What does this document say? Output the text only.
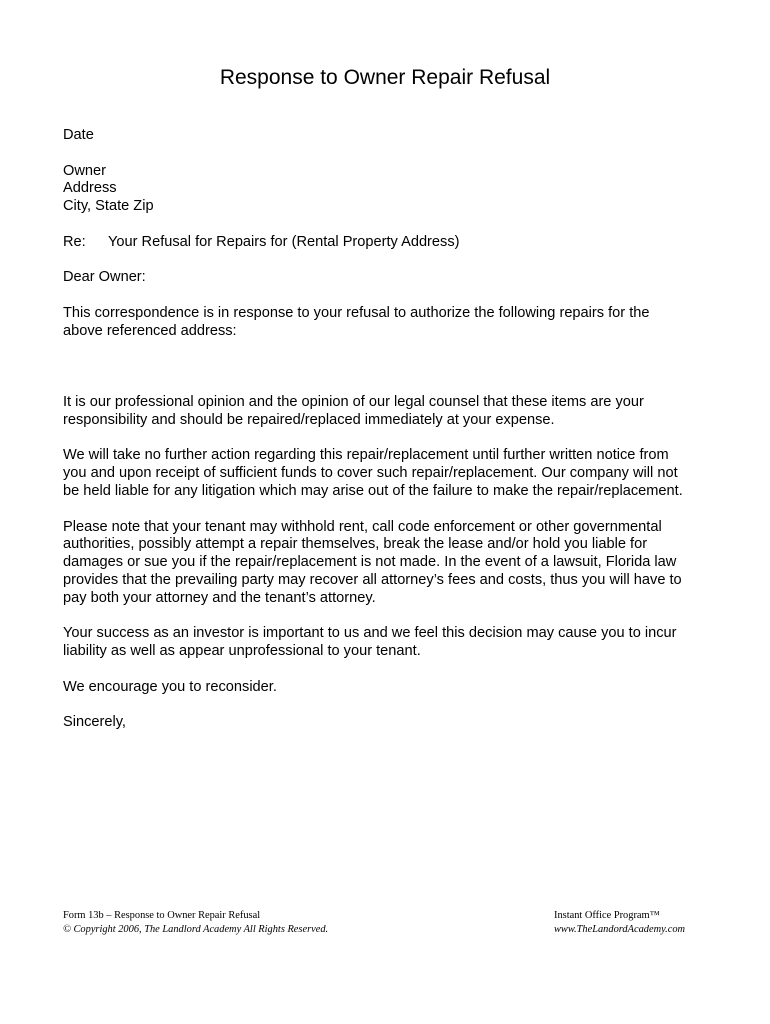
Response to Owner Repair Refusal

Date

Owner
Address
City, State Zip

Re: Your Refusal for Repairs for (Rental Property Address)

Dear Owner:

This correspondence is in response to your refusal to authorize the following repairs for the
above referenced address:

It is our professional opinion and the opinion of our legal counsel that these items are your
responsibility and should be repaired/replaced immediately at your expense.

We will take no further action regarding this repair/replacement until further written notice from
you and upon receipt of sufficient funds to cover such repair/replacement. Our company will not
be held liable for any litigation which may arise out of the failure to make the repair/replacement.

Please note that your tenant may withhold rent, call code enforcement or other governmental
authorities, possibly attempt a repair themselves, break the lease and/or hold you liable for
damages or sue you if the repair/replacement is not made. In the event of a lawsuit, Florida law
provides that the prevailing party may recover all attorney’s fees and costs, thus you will have to
pay both your attorney and the tenant’s attorney.

Your success as an investor is important to us and we feel this decision may cause you to incur
liability as well as appear unprofessional to your tenant.

We encourage you to reconsider.

Sincerely,

Form 13b – Response to Owner Repair Refusal
© Copyright 2006, The Landlord Academy All Rights Reserved.
Instant Office Program™
www.TheLandordAcademy.com
